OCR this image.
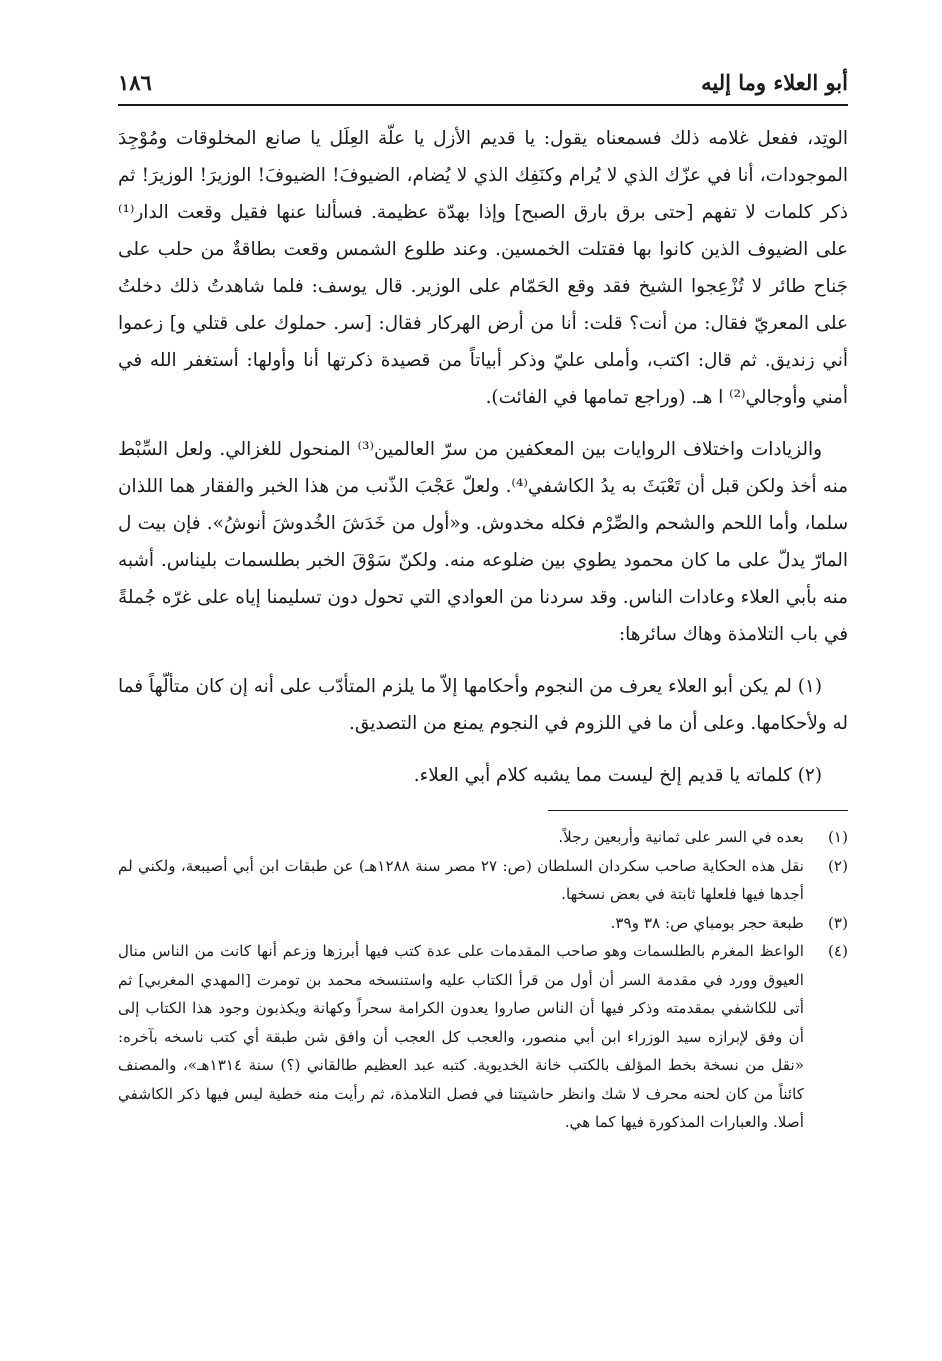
أبو العلاء وما إليه
١٨٦

الوتِد، ففعل غلامه ذلك فسمعناه يقول: يا قديم الأزل يا علّة العِلَل يا صانع المخلوقات ومُوْجِدَ الموجودات، أنا في عزّك الذي لا يُرام وكنَفِك الذي لا يُضام، الضيوفَ! الضيوفَ! الوزيرَ! الوزيرَ! ثم ذكر كلمات لا تفهم [حتى برق بارق الصبح] وإذا بهدّة عظيمة. فسألنا عنها فقيل وقعت الدار⁽¹⁾ على الضيوف الذين كانوا بها فقتلت الخمسين. وعند طلوع الشمس وقعت بطاقةٌ من حلب على جَناح طائر لا تُزْعِجوا الشيخ فقد وقع الحَمّام على الوزير. قال يوسف: فلما شاهدتُ ذلك دخلتُ على المعريّ فقال: من أنت؟ قلت: أنا من أرض الهركار فقال: [سر. حملوك على قتلي و] زعموا أني زنديق. ثم قال: اكتب، وأملى عليّ وذكر أبياتاً من قصيدة ذكرتها أنا وأولها: أستغفر الله في أمني وأوجالي⁽²⁾ ا هـ. (وراجع تمامها في الفائت).

والزيادات واختلاف الروايات بين المعكفين من سرّ العالمين⁽³⁾ المنحول للغزالي. ولعل السِّبْط منه أخذ ولكن قبل أن تَعْبَثَ به يدُ الكاشفي⁽⁴⁾. ولعلّ عَجْبَ الذّنب من هذا الخبر والفقار هما اللذان سلما، وأما اللحم والشحم والصِّرْم فكله مخدوش. و«أول من خَدَشَ الخُدوشَ أنوشُ». فإن بيت ل المارّ يدلّ على ما كان محمود يطوي بين ضلوعه منه. ولكنّ سَوْقَ الخبر بطلسمات بليناس. أشبه منه بأبي العلاء وعادات الناس. وقد سردنا من العوادي التي تحول دون تسليمنا إياه على غرّه جُملةً في باب التلامذة وهاك سائرها:

(١) لم يكن أبو العلاء يعرف من النجوم وأحكامها إلاّ ما يلزم المتأدّب على أنه إن كان متألّهاً فما له ولأحكامها. وعلى أن ما في اللزوم في النجوم يمنع من التصديق.

(٢) كلماته يا قديم إلخ ليست مما يشبه كلام أبي العلاء.

(١)
بعده في السر على ثمانية وأربعين رجلاً.
(٢)
نقل هذه الحكاية صاحب سكردان السلطان (ص: ٢٧ مصر سنة ١٢٨٨هـ) عن طبقات ابن أبي أصيبعة، ولكني لم أجدها فيها فلعلها ثابتة في بعض نسخها.
(٣)
طبعة حجر بومباي ص: ٣٨ و٣٩.
(٤)
الواعظ المغرم بالطلسمات وهو صاحب المقدمات على عدة كتب فيها أبرزها وزعم أنها كانت من الناس منال العيوق وورد في مقدمة السر أن أول من قرأ الكتاب عليه واستنسخه محمد بن تومرت [المهدي المغربي] ثم أتى للكاشفي بمقدمته وذكر فيها أن الناس صاروا يعدون الكرامة سحراً وكهانة ويكذبون وجود هذا الكتاب إلى أن وفق لإبرازه سيد الوزراء ابن أبي منصور، والعجب كل العجب أن وافق شن طبقة أي كتب ناسخه بآخره: «نقل من نسخة بخط المؤلف بالكتب خانة الخديوية. كتبه عبد العظيم طالقاني (؟) سنة ١٣١٤هـ»، والمصنف كائناً من كان لحنه محرف لا شك وانظر حاشيتنا في فصل التلامذة، ثم رأيت منه خطية ليس فيها ذكر الكاشفي أصلا. والعبارات المذكورة فيها كما هي.
